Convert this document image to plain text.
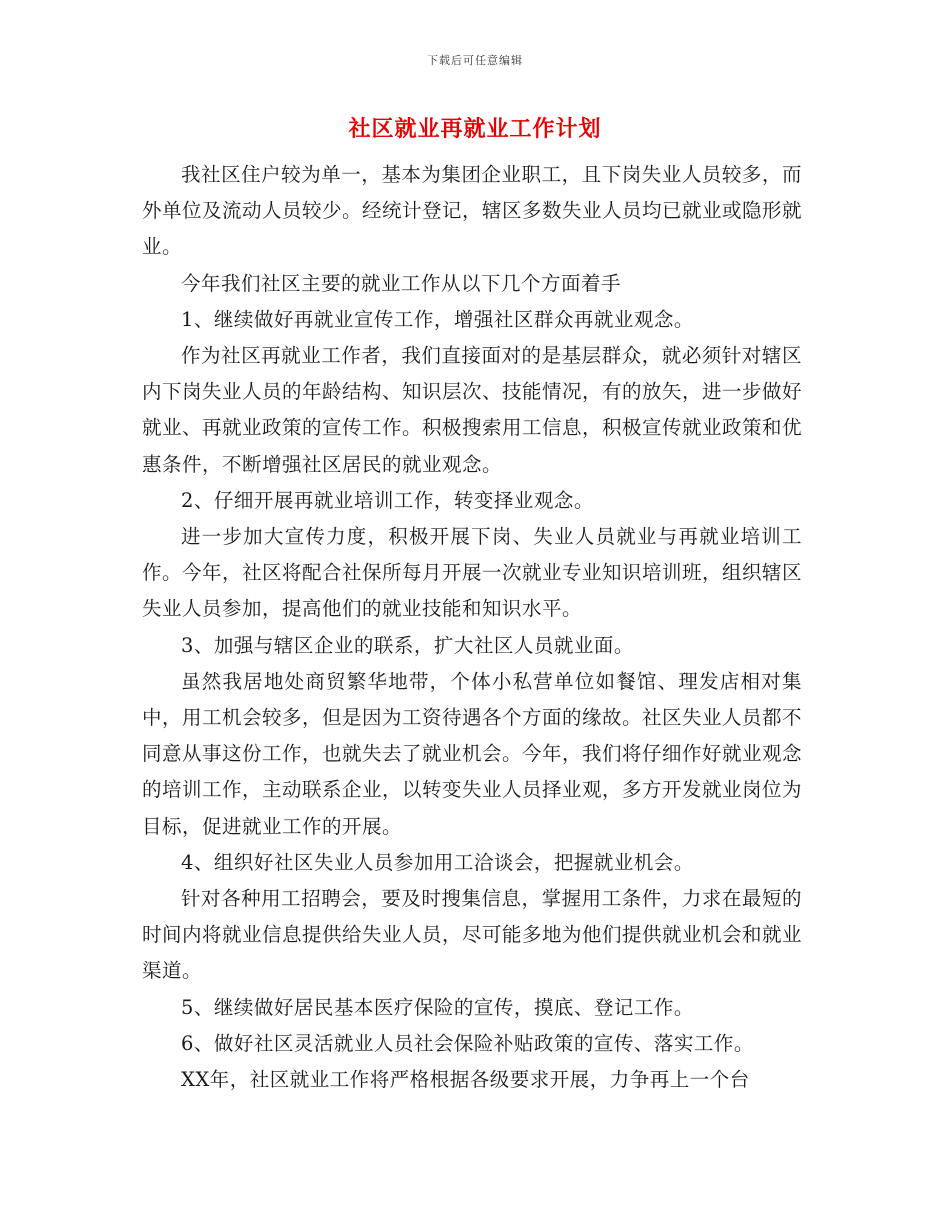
下载后可任意编辑
社区就业再就业工作计划

我社区住户较为单一，基本为集团企业职工，且下岗失业人员较多，而外单位及流动人员较少。经统计登记，辖区多数失业人员均已就业或隐形就业。

今年我们社区主要的就业工作从以下几个方面着手

1、继续做好再就业宣传工作，增强社区群众再就业观念。

作为社区再就业工作者，我们直接面对的是基层群众，就必须针对辖区内下岗失业人员的年龄结构、知识层次、技能情况，有的放矢，进一步做好就业、再就业政策的宣传工作。积极搜索用工信息，积极宣传就业政策和优惠条件，不断增强社区居民的就业观念。

2、仔细开展再就业培训工作，转变择业观念。

进一步加大宣传力度，积极开展下岗、失业人员就业与再就业培训工作。今年，社区将配合社保所每月开展一次就业专业知识培训班，组织辖区失业人员参加，提高他们的就业技能和知识水平。

3、加强与辖区企业的联系，扩大社区人员就业面。

虽然我居地处商贸繁华地带，个体小私营单位如餐馆、理发店相对集中，用工机会较多，但是因为工资待遇各个方面的缘故。社区失业人员都不同意从事这份工作，也就失去了就业机会。今年，我们将仔细作好就业观念的培训工作，主动联系企业，以转变失业人员择业观，多方开发就业岗位为目标，促进就业工作的开展。

4、组织好社区失业人员参加用工洽谈会，把握就业机会。

针对各种用工招聘会，要及时搜集信息，掌握用工条件，力求在最短的时间内将就业信息提供给失业人员，尽可能多地为他们提供就业机会和就业渠道。

5、继续做好居民基本医疗保险的宣传，摸底、登记工作。

6、做好社区灵活就业人员社会保险补贴政策的宣传、落实工作。

XX年，社区就业工作将严格根据各级要求开展，力争再上一个台
